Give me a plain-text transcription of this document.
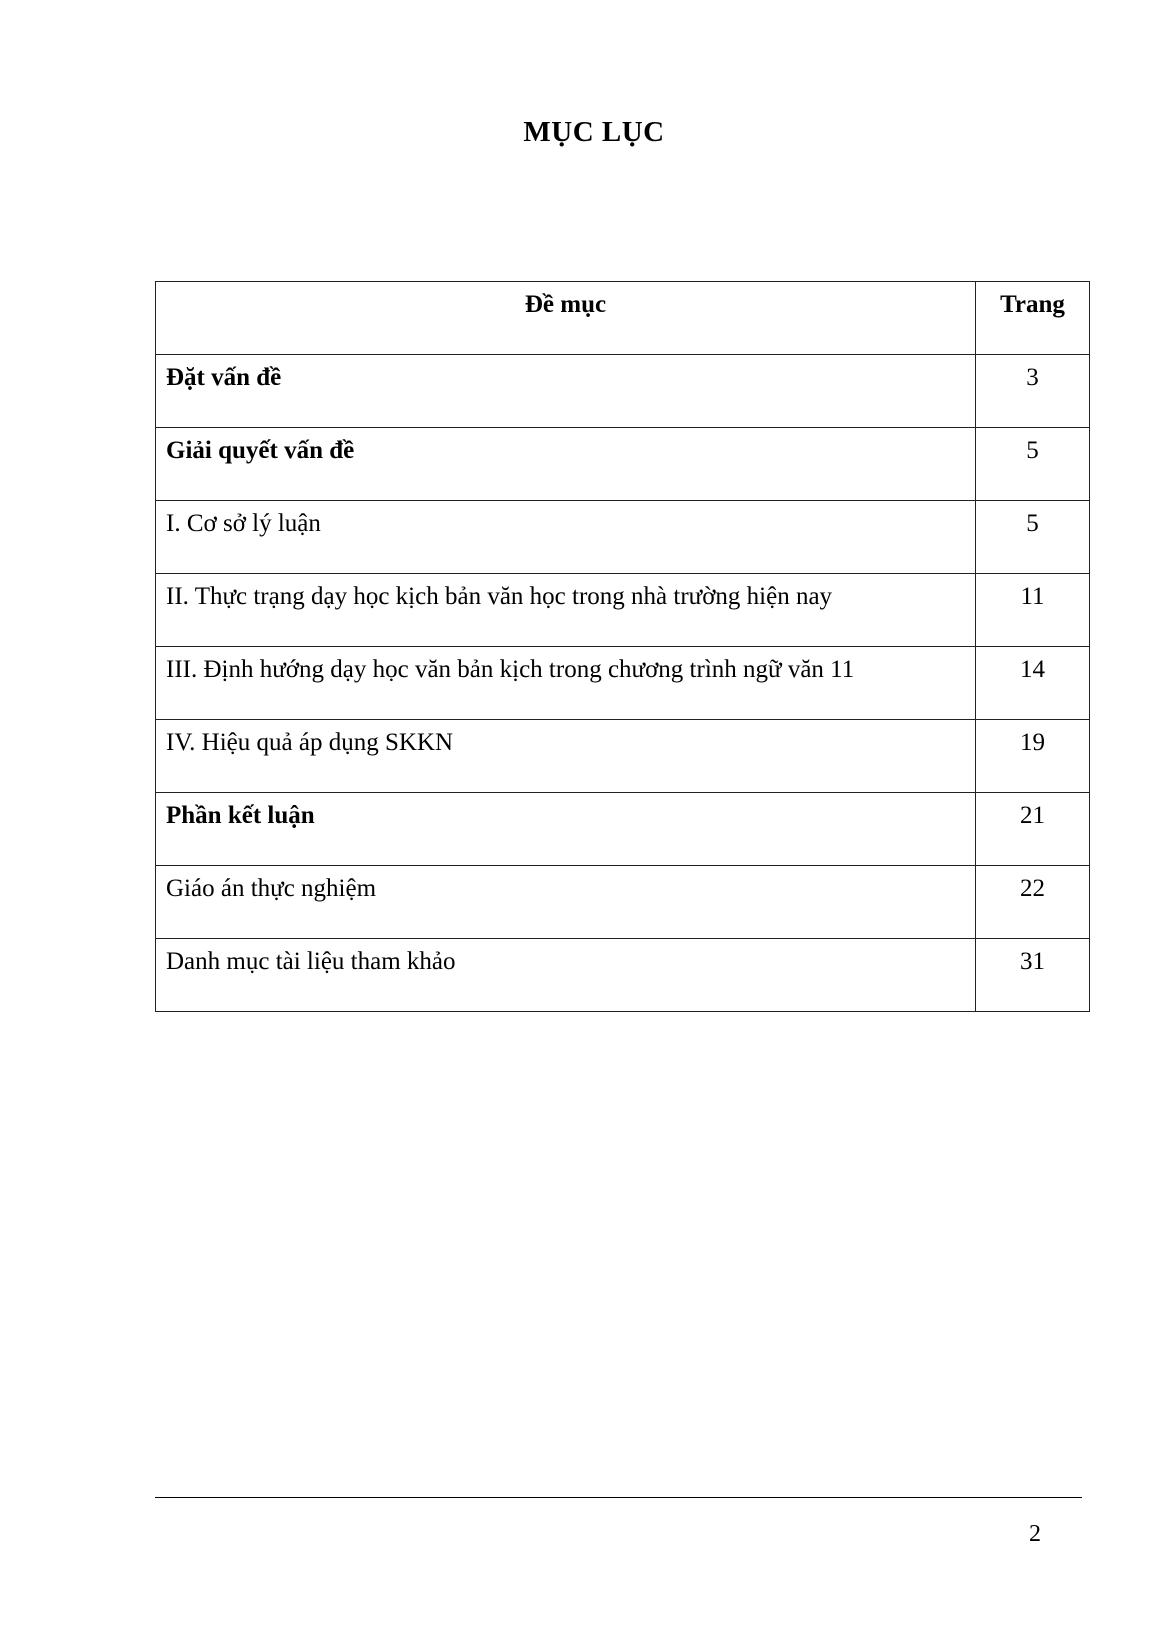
MỤC LỤC
Đề mục	Trang
Đặt vấn đề	3
Giải quyết vấn đề	5
I. Cơ sở lý luận	5
II. Thực trạng dạy học kịch bản văn học trong nhà trường hiện nay	11
III. Định hướng dạy học văn bản kịch trong chương trình ngữ văn 11	14
IV. Hiệu quả áp dụng SKKN	19
Phần kết luận	21
Giáo án thực nghiệm	22
Danh mục tài liệu tham khảo	31
2
